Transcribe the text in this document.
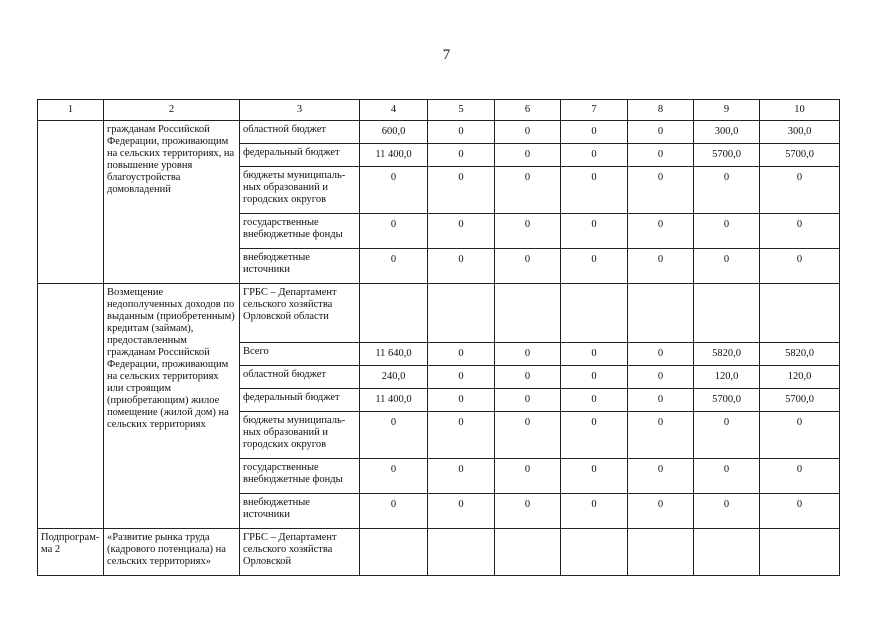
7
1	2	3	4	5	6	7	8	9	10
	гражданам Российской Федерации, проживающим на сельских территориях, на повышение уровня благоустройства домовладений	областной бюджет	600,0	0	0	0	0	300,0	300,0
		федеральный бюджет	11 400,0	0	0	0	0	5700,0	5700,0
		бюджеты муниципаль-ных образований и городских округов	0	0	0	0	0	0	0
		государственные внебюджетные фонды	0	0	0	0	0	0	0
		внебюджетные источники	0	0	0	0	0	0	0
	Возмещение недополученных доходов по выданным (приобретенным) кредитам (займам), предоставленным гражданам Российской Федерации, проживающим на сельских территориях или строящим (приобретающим) жилое помещение (жилой дом) на сельских территориях	ГРБС – Департамент сельского хозяйства Орловской области							
		Всего	11 640,0	0	0	0	0	5820,0	5820,0
		областной бюджет	240,0	0	0	0	0	120,0	120,0
		федеральный бюджет	11 400,0	0	0	0	0	5700,0	5700,0
		бюджеты муниципаль-ных образований и городских округов	0	0	0	0	0	0	0
		государственные внебюджетные фонды	0	0	0	0	0	0	0
		внебюджетные источники	0	0	0	0	0	0	0
Подпрограм-ма 2	«Развитие рынка труда (кадрового потенциала) на сельских территориях»	ГРБС – Департамент сельского хозяйства Орловской							
